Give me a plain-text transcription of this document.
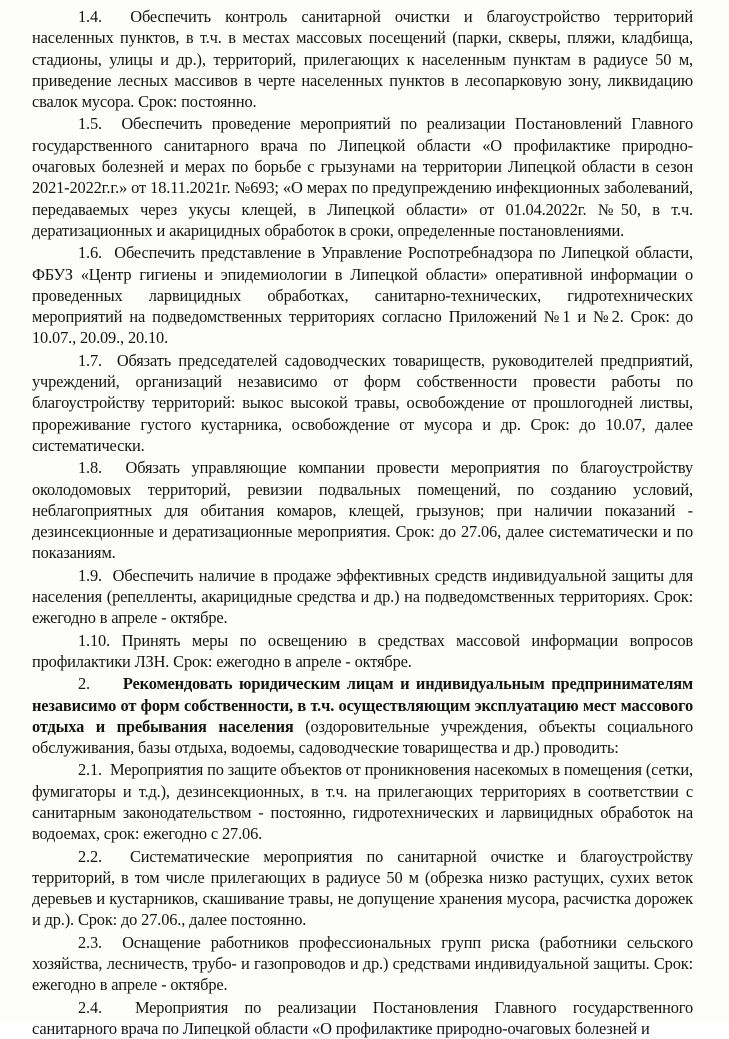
1.4. Обеспечить контроль санитарной очистки и благоустройство территорий населенных пунктов, в т.ч. в местах массовых посещений (парки, скверы, пляжи, кладбища, стадионы, улицы и др.), территорий, прилегающих к населенным пунктам в радиусе 50 м, приведение лесных массивов в черте населенных пунктов в лесопарковую зону, ликвидацию свалок мусора. Срок: постоянно.

1.5. Обеспечить проведение мероприятий по реализации Постановлений Главного государственного санитарного врача по Липецкой области «О профилактике природно-очаговых болезней и мерах по борьбе с грызунами на территории Липецкой области в сезон 2021-2022г.г.» от 18.11.2021г. №693; «О мерах по предупреждению инфекционных заболеваний, передаваемых через укусы клещей, в Липецкой области» от 01.04.2022г. №50, в т.ч. дератизационных и акарицидных обработок в сроки, определенные постановлениями.

1.6. Обеспечить представление в Управление Роспотребнадзора по Липецкой области, ФБУЗ «Центр гигиены и эпидемиологии в Липецкой области» оперативной информации о проведенных ларвицидных обработках, санитарно-технических, гидротехнических мероприятий на подведомственных территориях согласно Приложений №1 и №2. Срок: до 10.07., 20.09., 20.10.

1.7. Обязать председателей садоводческих товариществ, руководителей предприятий, учреждений, организаций независимо от форм собственности провести работы по благоустройству территорий: выкос высокой травы, освобождение от прошлогодней листвы, прореживание густого кустарника, освобождение от мусора и др. Срок: до 10.07, далее систематически.

1.8. Обязать управляющие компании провести мероприятия по благоустройству околодомовых территорий, ревизии подвальных помещений, по созданию условий, неблагоприятных для обитания комаров, клещей, грызунов; при наличии показаний - дезинсекционные и дератизационные мероприятия. Срок: до 27.06, далее систематически и по показаниям.

1.9. Обеспечить наличие в продаже эффективных средств индивидуальной защиты для населения (репелленты, акарицидные средства и др.) на подведомственных территориях. Срок: ежегодно в апреле - октябре.

1.10. Принять меры по освещению в средствах массовой информации вопросов профилактики ЛЗН. Срок: ежегодно в апреле - октябре.

2. Рекомендовать юридическим лицам и индивидуальным предпринимателям независимо от форм собственности, в т.ч. осуществляющим эксплуатацию мест массового отдыха и пребывания населения (оздоровительные учреждения, объекты социального обслуживания, базы отдыха, водоемы, садоводческие товарищества и др.) проводить:

2.1. Мероприятия по защите объектов от проникновения насекомых в помещения (сетки, фумигаторы и т.д.), дезинсекционных, в т.ч. на прилегающих территориях в соответствии с санитарным законодательством - постоянно, гидротехнических и ларвицидных обработок на водоемах, срок: ежегодно с 27.06.

2.2. Систематические мероприятия по санитарной очистке и благоустройству территорий, в том числе прилегающих в радиусе 50 м (обрезка низко растущих, сухих веток деревьев и кустарников, скашивание травы, не допущение хранения мусора, расчистка дорожек и др.). Срок: до 27.06., далее постоянно.

2.3. Оснащение работников профессиональных групп риска (работники сельского хозяйства, лесничеств, трубо- и газопроводов и др.) средствами индивидуальной защиты. Срок: ежегодно в апреле - октябре.

2.4. Мероприятия по реализации Постановления Главного государственного санитарного врача по Липецкой области «О профилактике природно-очаговых болезней и
